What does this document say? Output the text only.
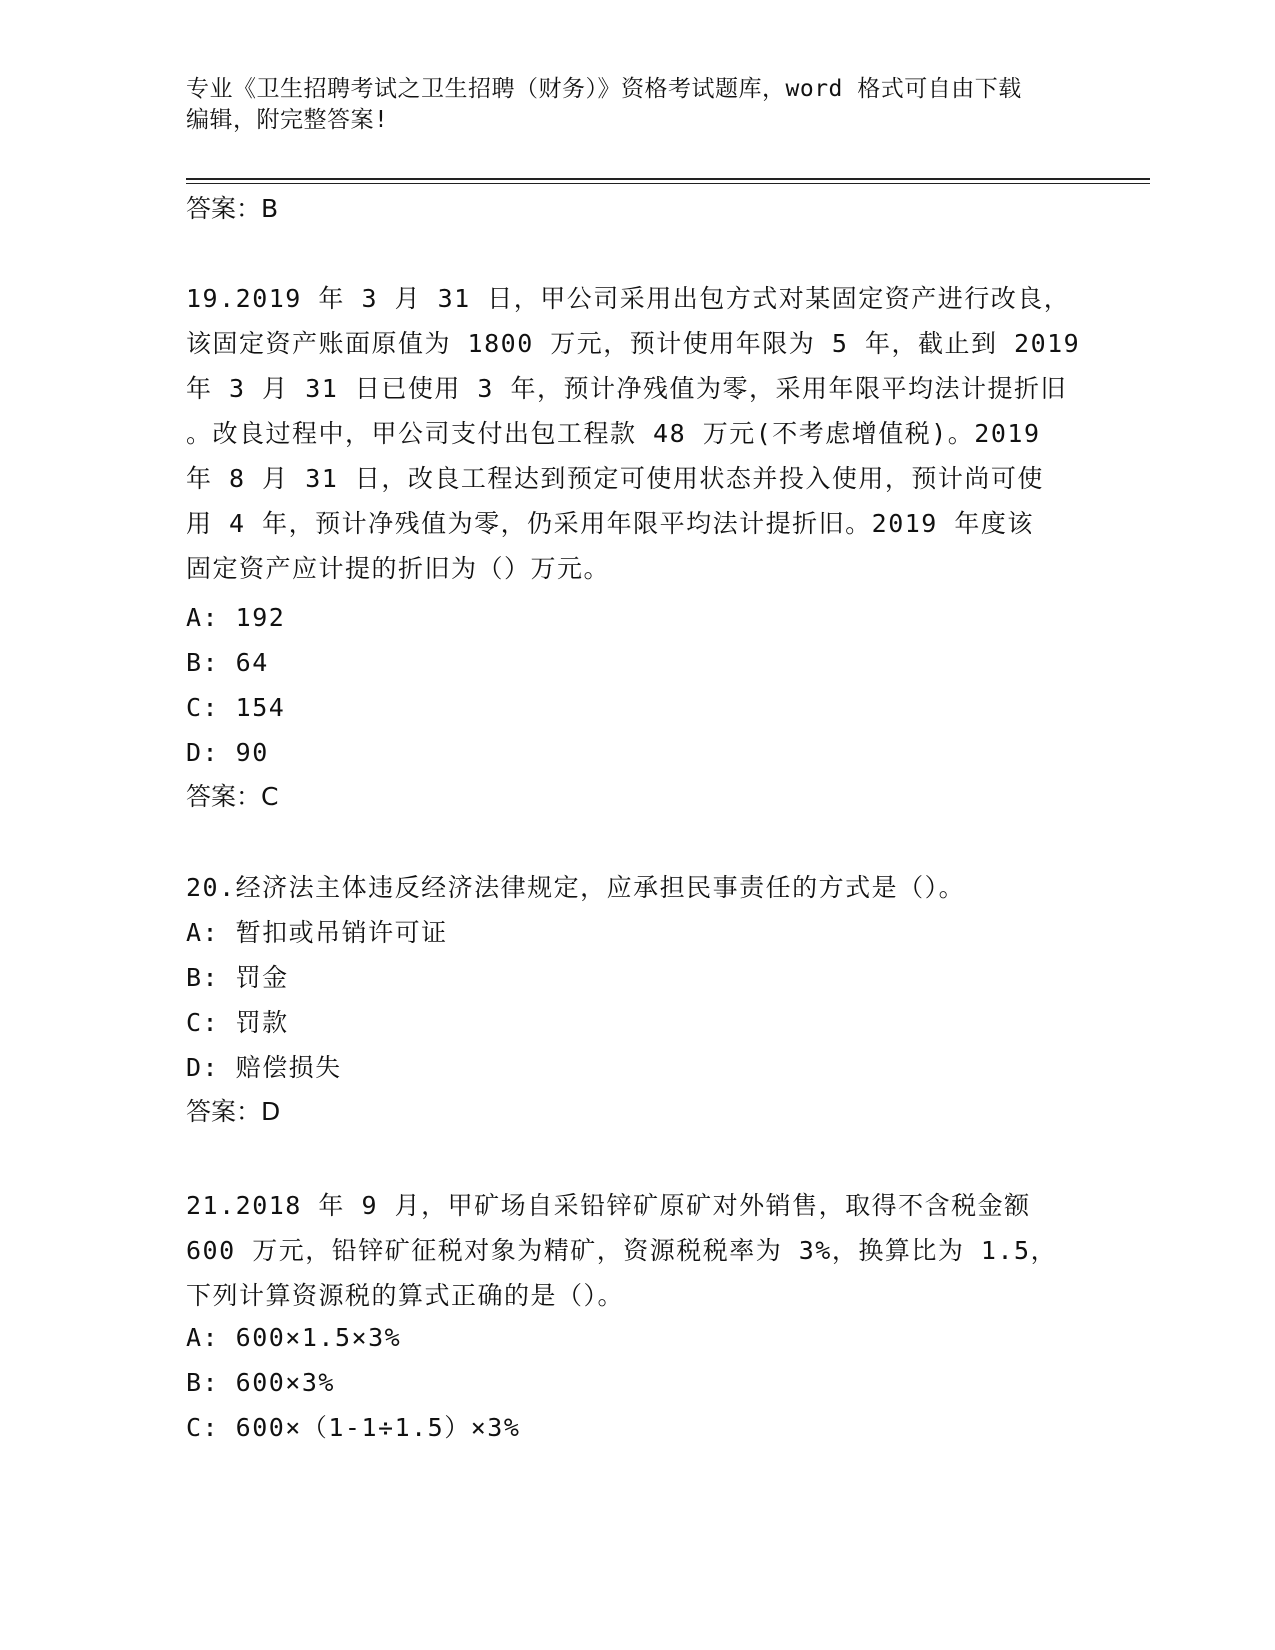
专业《卫生招聘考试之卫生招聘（财务）》资格考试题库，word 格式可自由下载
编辑，附完整答案!
答案：B
19.2019 年 3 月 31 日，甲公司采用出包方式对某固定资产进行改良，
该固定资产账面原值为 1800 万元，预计使用年限为 5 年，截止到 2019
年 3 月 31 日已使用 3 年，预计净残值为零，采用年限平均法计提折旧
。改良过程中，甲公司支付出包工程款 48 万元(不考虑增值税)。2019
年 8 月 31 日，改良工程达到预定可使用状态并投入使用，预计尚可使
用 4 年，预计净残值为零，仍采用年限平均法计提折旧。2019 年度该
固定资产应计提的折旧为（）万元。
A: 192
B: 64
C: 154
D: 90
答案：C
20.经济法主体违反经济法律规定，应承担民事责任的方式是（）。
A: 暂扣或吊销许可证
B: 罚金
C: 罚款
D: 赔偿损失
答案：D
21.2018 年 9 月，甲矿场自采铅锌矿原矿对外销售，取得不含税金额
600 万元，铅锌矿征税对象为精矿，资源税税率为 3%，换算比为 1.5，
下列计算资源税的算式正确的是（）。
A: 600×1.5×3%
B: 600×3%
C: 600×（1-1÷1.5）×3%
